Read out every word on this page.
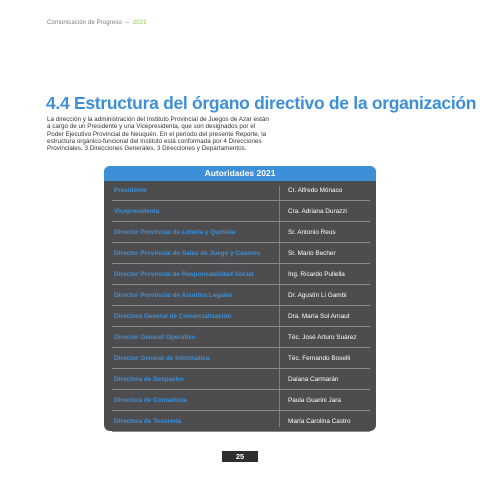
Comunicación de Progreso – 2021
4.4 Estructura del órgano directivo de la organización

La dirección y la administración del Instituto Provincial de Juegos de Azar están a cargo de un Presidente y una Vicepresidenta, que son designados por el Poder Ejecutivo Provincial de Neuquén. En el período del presente Reporte, la estructura orgánico-funcional del Instituto está conformada por 4 Direcciones Provinciales, 3 Direcciones Generales, 3 Direcciones y Departamentos.

Autoridades 2021
Presidente	Cr. Alfredo Mónaco
Vicepresidenta	Cra. Adriana Durazzi
Director Provincial de Lotería y Quiniela	Sr. Antonio Reus
Director Provincial de Salas de Juego y Casinos	Sr. Mario Becher
Director Provincial de Responsabilidad Social	Ing. Ricardo Pullella
Director Provincial de Asuntos Legales	Dr. Agustín Li Gambi
Directora General de Comercialización	Dra. María Sol Arnaut
Director General Operativo	Téc. José Arturo Suárez
Director General de Informática	Téc. Fernando Boselli
Directora de Despacho	Daiana Carmarán
Directora de Contaduría	Paula Guarini Jara
Directora de Tesorería	María Carolina Castro
25
